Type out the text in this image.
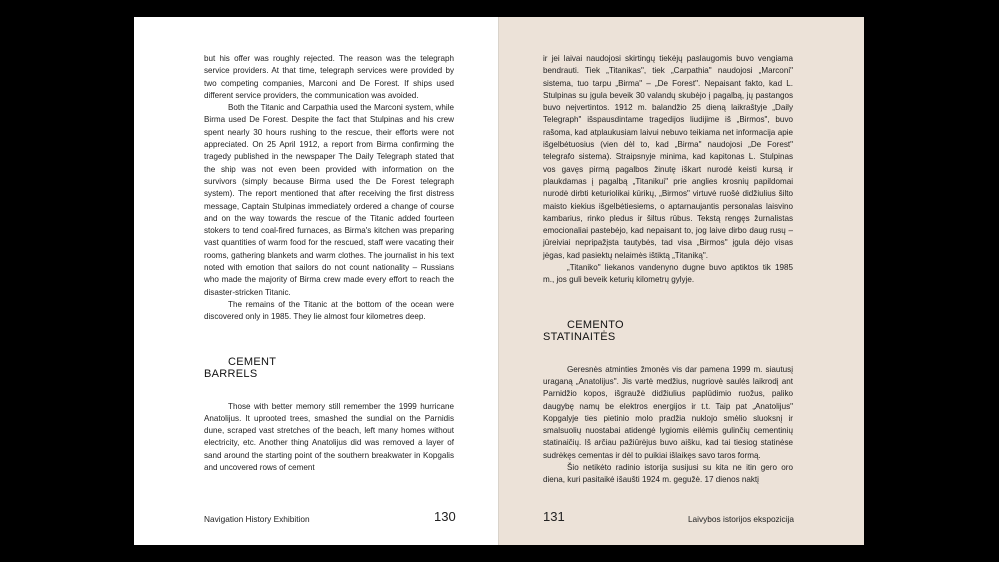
but his offer was roughly rejected. The reason was the telegraph service providers. At that time, telegraph services were provided by two competing companies, Marconi and De Forest. If ships used different service providers, the communication was avoided.

Both the Titanic and Carpathia used the Marconi system, while Birma used De Forest. Despite the fact that Stulpinas and his crew spent nearly 30 hours rushing to the rescue, their efforts were not appreciated. On 25 April 1912, a report from Birma confirming the tragedy published in the newspaper The Daily Telegraph stated that the ship was not even been provided with information on the survivors (simply because Birma used the De Forest telegraph system). The report mentioned that after receiving the first distress message, Captain Stulpinas immediately ordered a change of course and on the way towards the rescue of the Titanic added fourteen stokers to tend coal-fired furnaces, as Birma's kitchen was preparing vast quantities of warm food for the rescued, staff were vacating their rooms, gathering blankets and warm clothes. The journalist in his text noted with emotion that sailors do not count nationality – Russians who made the majority of Birma crew made every effort to reach the disaster-stricken Titanic.

The remains of the Titanic at the bottom of the ocean were discovered only in 1985. They lie almost four kilometres deep.

CEMENT
BARRELS

Those with better memory still remember the 1999 hurricane Anatolijus. It uprooted trees, smashed the sundial on the Parnidis dune, scraped vast stretches of the beach, left many homes without electricity, etc. Another thing Anatolijus did was removed a layer of sand around the starting point of the southern breakwater in Kopgalis and uncovered rows of cement

Navigation History Exhibition	130

ir jei laivai naudojosi skirtingų tiekėjų paslaugomis buvo vengiama bendrauti. Tiek „Titanikas", tiek „Carpathia" naudojosi „Marconi" sistema, tuo tarpu „Birma" – „De Forest". Nepaisant fakto, kad L. Stulpinas su įgula beveik 30 valandų skubėjo į pagalbą, jų pastangos buvo neįvertintos. 1912 m. balandžio 25 dieną laikraštyje „Daily Telegraph" išspausdintame tragedijos liudijime iš „Birmos", buvo rašoma, kad atplaukusiam laivui nebuvo teikiama net informacija apie išgelbėtuosius (vien dėl to, kad „Birma" naudojosi „De Forest" telegrafo sistema). Straipsnyje minima, kad kapitonas L. Stulpinas vos gavęs pirmą pagalbos žinutę iškart nurodė keisti kursą ir plaukdamas į pagalbą „Titanikui" prie anglies krosnių papildomai nurodė dirbti keturiolikai kūrikų, „Birmos" virtuvė ruošė didžiulius šilto maisto kiekius išgelbėtiesiems, o aptarnaujantis personalas laisvino kambarius, rinko pledus ir šiltus rūbus. Tekstą rengęs žurnalistas emocionaliai pastebėjo, kad nepaisant to, jog laive dirbo daug rusų – jūreiviai nepripažįsta tautybės, tad visa „Birmos" įgula dėjo visas jėgas, kad pasiektų nelaimės ištiktą „Titaniką".

„Titaniko" liekanos vandenyno dugne buvo aptiktos tik 1985 m., jos guli beveik keturių kilometrų gylyje.

CEMENTO
STATINAITĖS

Geresnės atminties žmonės vis dar pamena 1999 m. siautusį uraganą „Anatolijus". Jis vartė medžius, nugriovė saulės laikrodį ant Parnidžio kopos, išgraužė didžiulius paplūdimio ruožus, paliko daugybę namų be elektros energijos ir t.t. Taip pat „Anatolijus" Kopgalyje ties pietinio molo pradžia nuklojo smėlio sluoksnį ir smalsuolių nuostabai atidengė lygiomis eilėmis gulinčių cementinių statinaičių. Iš arčiau pažiūrėjus buvo aišku, kad tai tiesiog statinėse sudrėkęs cementas ir dėl to puikiai išlaikęs savo taros formą.

Šio netikėto radinio istorija susijusi su kita ne itin gero oro diena, kuri pasitaikė išaušti 1924 m. gegužė. 17 dienos naktį

131	Laivybos istorijos ekspozicija
